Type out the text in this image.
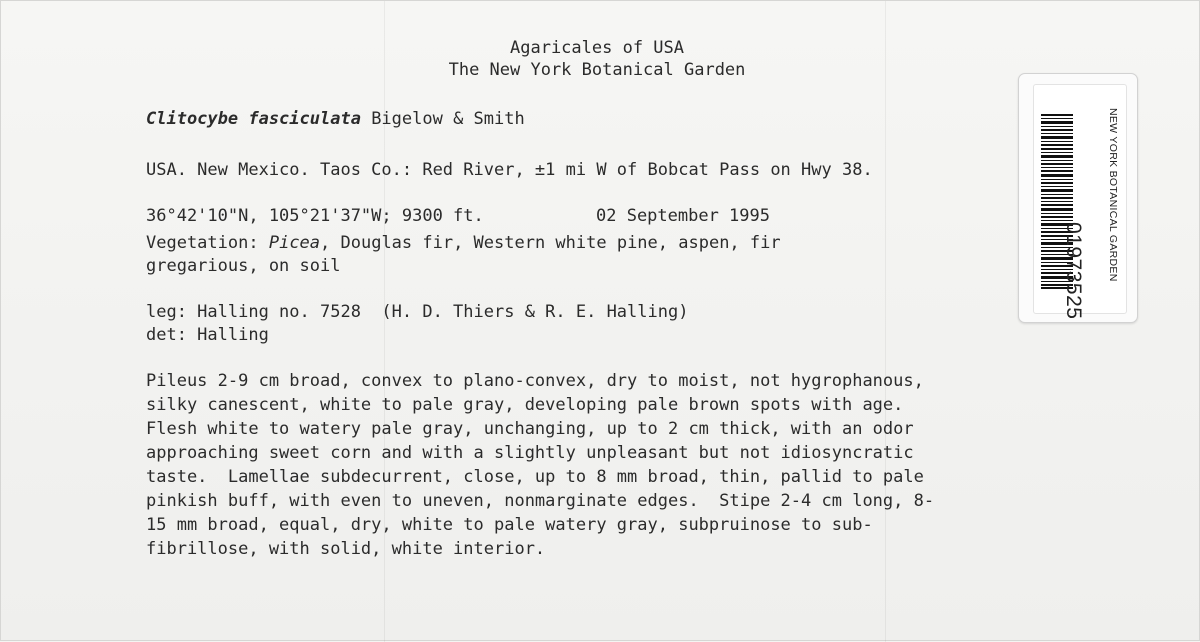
Agaricales of USA
The New York Botanical Garden
Clitocybe fasciculata Bigelow & Smith
USA. New Mexico. Taos Co.: Red River, ±1 mi W of Bobcat Pass on Hwy 38.
36°42'10"N, 105°21'37"W; 9300 ft.	02 September 1995
Vegetation: Picea, Douglas fir, Western white pine, aspen, fir
gregarious, on soil
leg: Halling no. 7528  (H. D. Thiers & R. E. Halling)
det: Halling
Pileus 2-9 cm broad, convex to plano-convex, dry to moist, not hygrophanous,
silky canescent, white to pale gray, developing pale brown spots with age.
Flesh white to watery pale gray, unchanging, up to 2 cm thick, with an odor
approaching sweet corn and with a slightly unpleasant but not idiosyncratic
taste.  Lamellae subdecurrent, close, up to 8 mm broad, thin, pallid to pale
pinkish buff, with even to uneven, nonmarginate edges.  Stipe 2-4 cm long, 8-
15 mm broad, equal, dry, white to pale watery gray, subpruinose to sub-
fibrillose, with solid, white interior.
NEW YORK BOTANICAL GARDEN
01973525
